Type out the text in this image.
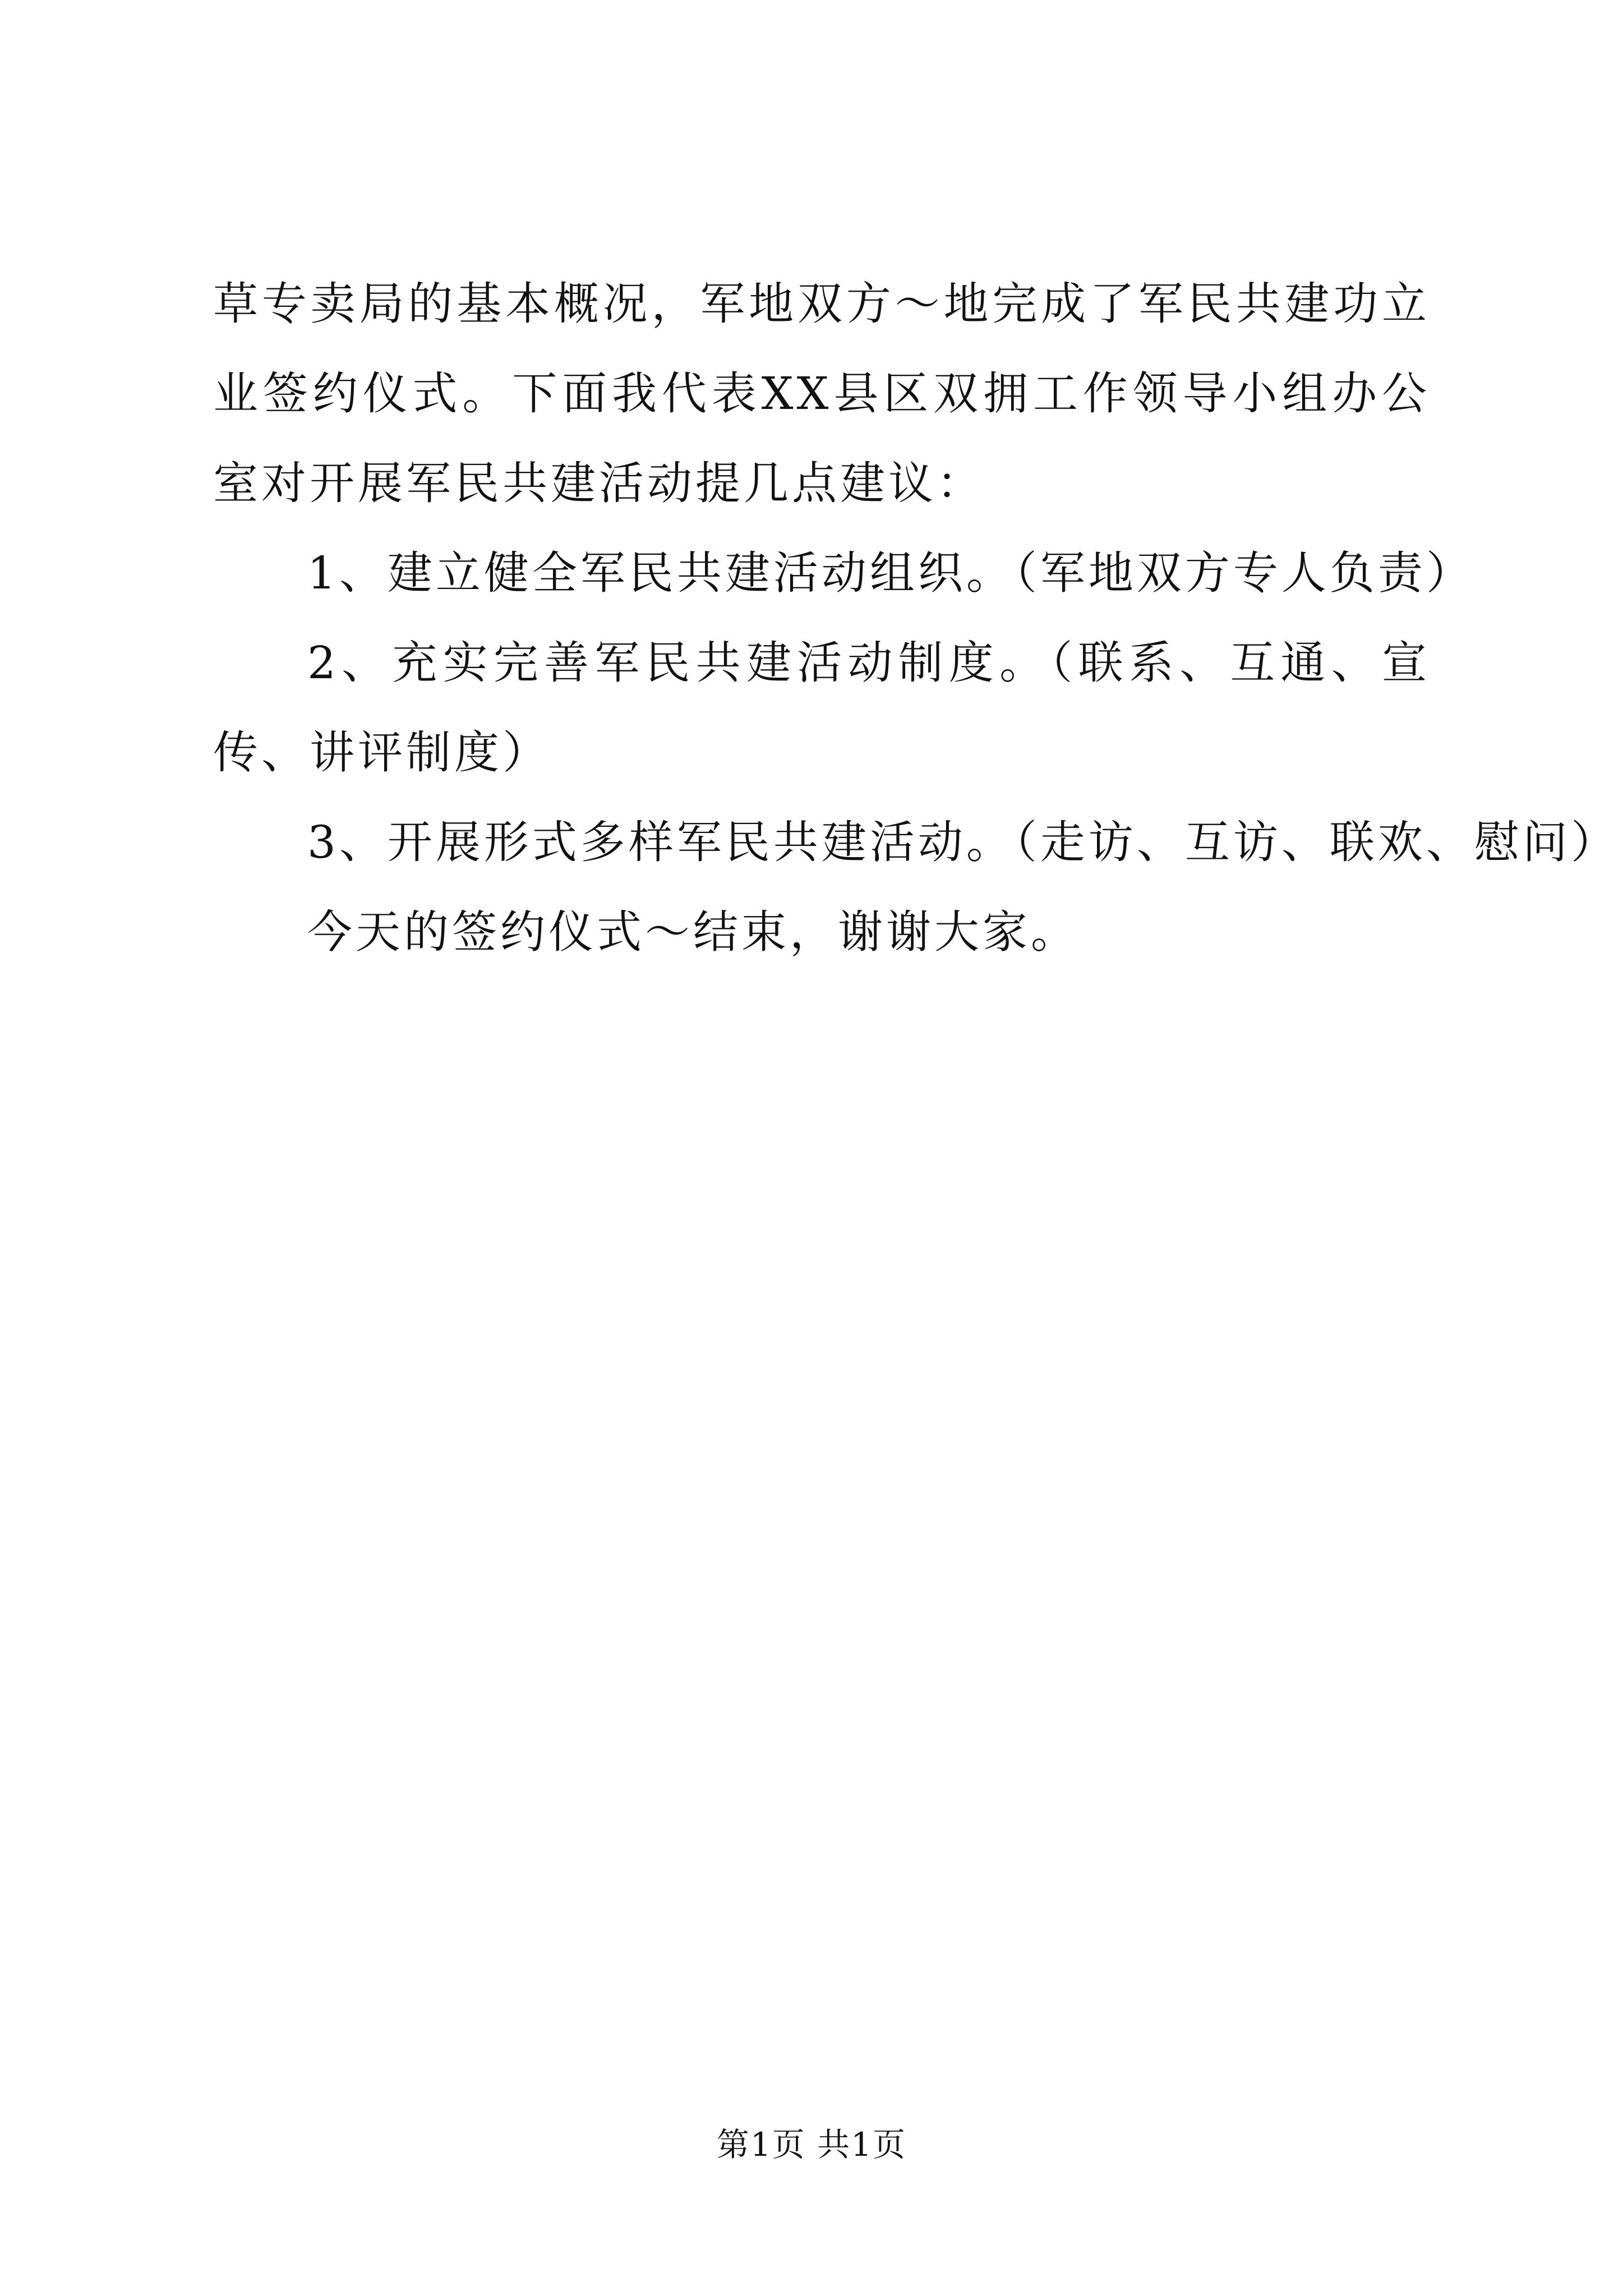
草专卖局的基本概况，军地双方～地完成了军民共建功立业签约仪式。下面我代表XX县区双拥工作领导小组办公室对开展军民共建活动提几点建议：

1、建立健全军民共建活动组织。（军地双方专人负责）

2、充实完善军民共建活动制度。（联系、互通、宣传、讲评制度）

3、开展形式多样军民共建活动。（走访、互访、联欢、慰问）

今天的签约仪式～结束，谢谢大家。

第1页 共1页
